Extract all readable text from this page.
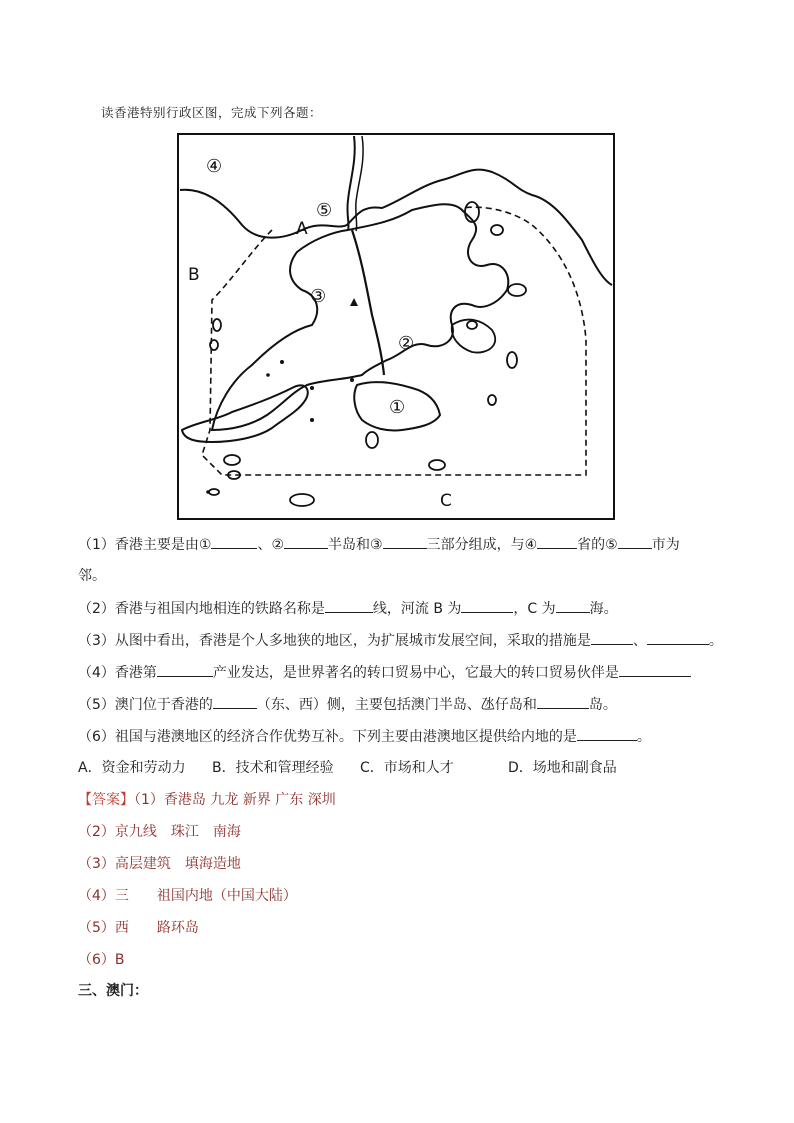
读香港特别行政区图，完成下列各题：
④
⑤
A
B
③
②
①
C
（1）香港主要是由①	、②	半岛和③	三部分组成，与④	省的⑤ 市为
邻。
（2）香港与祖国内地相连的铁路名称是	线，河流 B 为	，C 为 海。
（3）从图中看出，香港是个人多地狭的地区，为扩展城市发展空间，采取的措施是	、	。
（4）香港第	产业发达，是世界著名的转口贸易中心，它最大的转口贸易伙伴是
（5）澳门位于香港的	（东、西）侧，主要包括澳门半岛、氹仔岛和	岛。
（6）祖国与港澳地区的经济合作优势互补。下列主要由港澳地区提供给内地的是	。
A．资金和劳动力 B．技术和管理经验 C．市场和人才	D．场地和副食品
【答案】（1）香港岛 九龙 新界 广东 深圳
（2）京九线 珠江 南海
（3）高层建筑 填海造地
（4）三 祖国内地（中国大陆）
（5）西 路环岛
（6）B
三、澳门：
